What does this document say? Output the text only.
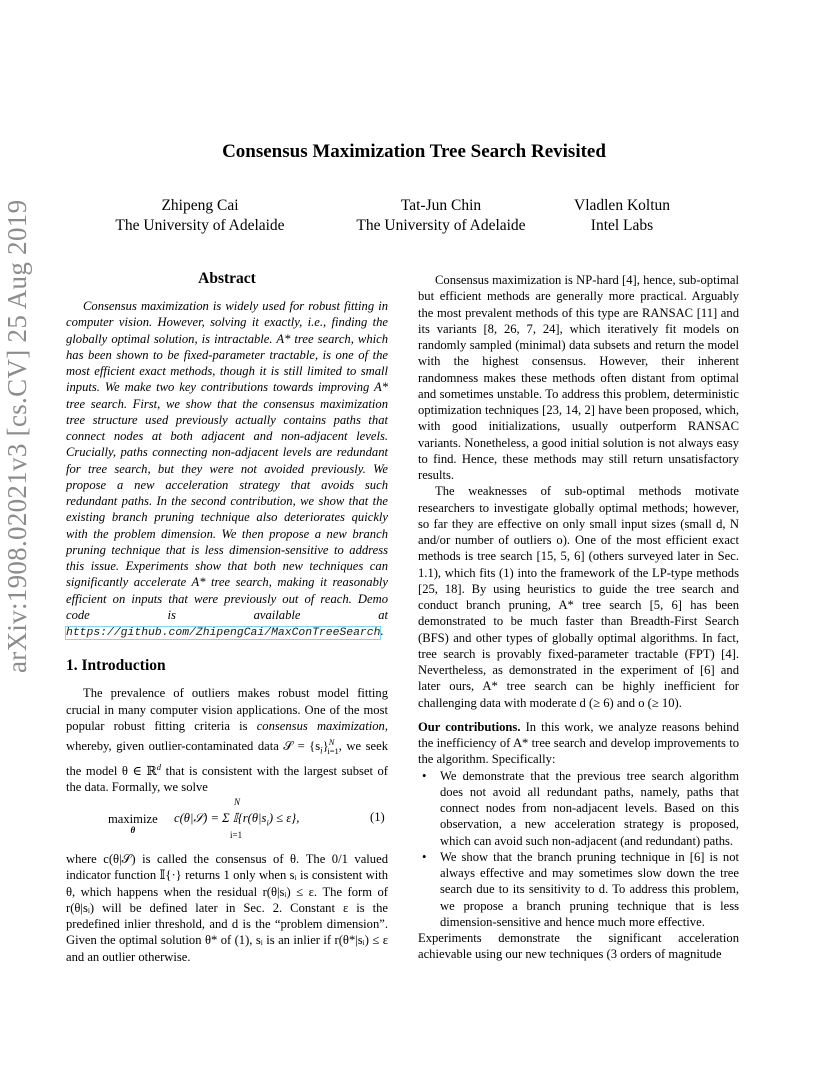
arXiv:1908.02021v3 [cs.CV] 25 Aug 2019
Consensus Maximization Tree Search Revisited
Zhipeng Cai
The University of Adelaide
Tat-Jun Chin
The University of Adelaide
Vladlen Koltun
Intel Labs
Abstract

Consensus maximization is widely used for robust fitting in computer vision. However, solving it exactly, i.e., finding the globally optimal solution, is intractable. A* tree search, which has been shown to be fixed-parameter tractable, is one of the most efficient exact methods, though it is still limited to small inputs. We make two key contributions towards improving A* tree search. First, we show that the consensus maximization tree structure used previously actually contains paths that connect nodes at both adjacent and non-adjacent levels. Crucially, paths connecting non-adjacent levels are redundant for tree search, but they were not avoided previously. We propose a new acceleration strategy that avoids such redundant paths. In the second contribution, we show that the existing branch pruning technique also deteriorates quickly with the problem dimension. We then propose a new branch pruning technique that is less dimension-sensitive to address this issue. Experiments show that both new techniques can significantly accelerate A* tree search, making it reasonably efficient on inputs that were previously out of reach. Demo code is available at https://github.com/ZhipengCai/MaxConTreeSearch.

1. Introduction

The prevalence of outliers makes robust model fitting crucial in many computer vision applications. One of the most popular robust fitting criteria is consensus maximization, whereby, given outlier-contaminated data 𝒮 = $\{s_i\}^N_{i=1}$, we seek the model θ ∈ ℝ$^d$ that is consistent with the largest subset of the data. Formally, we solve

maximize
θ
N
i=1
c(θ|𝒮) = Σ $𝕀\{r(\theta|s_i) \le \varepsilon\}$,	(1)

where c(θ|𝒮) is called the consensus of θ. The 0/1 valued indicator function 𝕀{·} returns 1 only when sᵢ is consistent with θ, which happens when the residual r(θ|sᵢ) ≤ ε. The form of r(θ|sᵢ) will be defined later in Sec. 2. Constant ε is the predefined inlier threshold, and d is the “problem dimension”. Given the optimal solution θ* of (1), sᵢ is an inlier if r(θ*|sᵢ) ≤ ε and an outlier otherwise.

Consensus maximization is NP-hard [4], hence, sub-optimal but efficient methods are generally more practical. Arguably the most prevalent methods of this type are RANSAC [11] and its variants [8, 26, 7, 24], which iteratively fit models on randomly sampled (minimal) data subsets and return the model with the highest consensus. However, their inherent randomness makes these methods often distant from optimal and sometimes unstable. To address this problem, deterministic optimization techniques [23, 14, 2] have been proposed, which, with good initializations, usually outperform RANSAC variants. Nonetheless, a good initial solution is not always easy to find. Hence, these methods may still return unsatisfactory results.

The weaknesses of sub-optimal methods motivate researchers to investigate globally optimal methods; however, so far they are effective on only small input sizes (small d, N and/or number of outliers o). One of the most efficient exact methods is tree search [15, 5, 6] (others surveyed later in Sec. 1.1), which fits (1) into the framework of the LP-type methods [25, 18]. By using heuristics to guide the tree search and conduct branch pruning, A* tree search [5, 6] has been demonstrated to be much faster than Breadth-First Search (BFS) and other types of globally optimal algorithms. In fact, tree search is provably fixed-parameter tractable (FPT) [4]. Nevertheless, as demonstrated in the experiment of [6] and later ours, A* tree search can be highly inefficient for challenging data with moderate d (≥ 6) and o (≥ 10).

Our contributions. In this work, we analyze reasons behind the inefficiency of A* tree search and develop improvements to the algorithm. Specifically:

• We demonstrate that the previous tree search algorithm does not avoid all redundant paths, namely, paths that connect nodes from non-adjacent levels. Based on this observation, a new acceleration strategy is proposed, which can avoid such non-adjacent (and redundant) paths.
• We show that the branch pruning technique in [6] is not always effective and may sometimes slow down the tree search due to its sensitivity to d. To address this problem, we propose a branch pruning technique that is less dimension-sensitive and hence much more effective.

Experiments demonstrate the significant acceleration achievable using our new techniques (3 orders of magnitude
